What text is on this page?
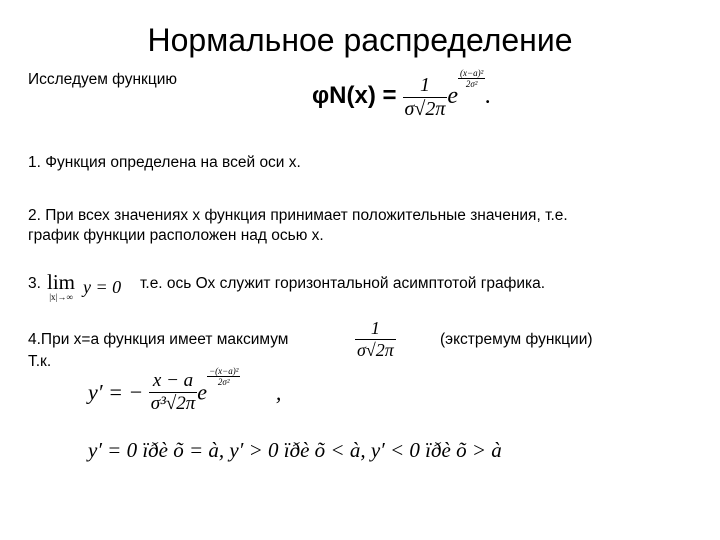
Нормальное распределение
Исследуем функцию
$\varphi N(x) = \frac{1}{\sigma√2\pi}$ e
$\frac{\text{(x−a)²}}{\text{2σ²}}$
.
1. Функция определена на всей оси х.
2. При всех значениях х функция принимает положительные значения, т.е.
график функции расположен над осью х.
3. lim
|x|→∞
y = 0 т.е. ось Ох служит горизонтальной асимптотой графика.
4.При х=а функция имеет максимум	$\frac{1}{\sigma√2\pi}$	(экстремум функции)
Т.к.
y′ = − $\frac{x - a}{\text{σ³√2π}}$ e
$\frac{\text{−(x−a)²}}{\text{2σ²}}$
,
y′ = 0 ïðè õ = à, y′ > 0 ïðè õ < à, y′ < 0 ïðè õ > à
